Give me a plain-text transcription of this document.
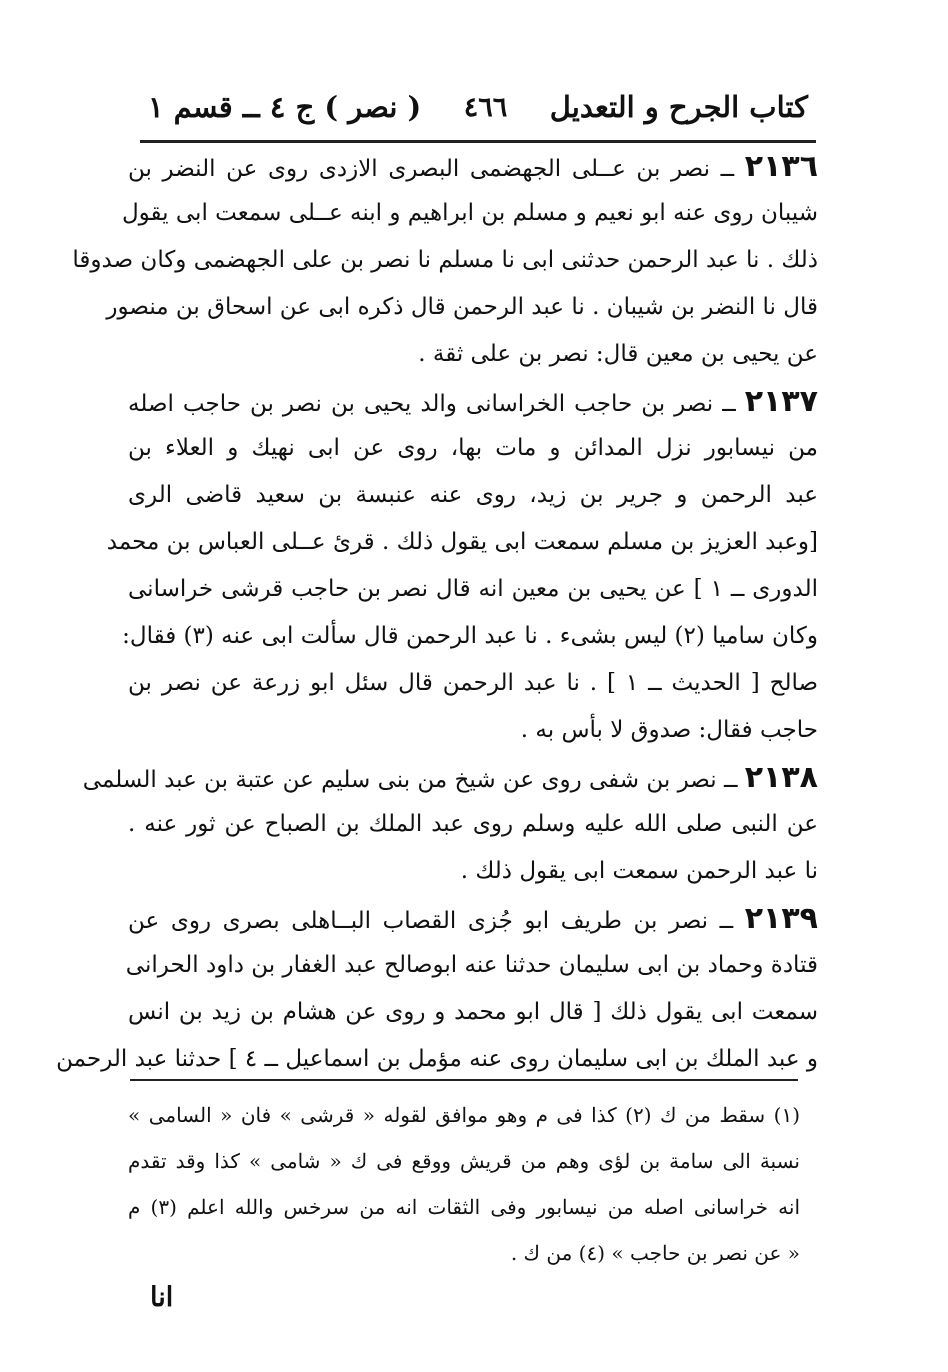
كتاب الجرح و التعديل
٤٦٦
( نصر ) ج ٤ ــ قسم ١
٢١٣٦ ــ نصر بن عــلى الجهضمى البصرى الازدى روى عن النضر بن
شيبان روى عنه ابو نعيم و مسلم بن ابراهيم و ابنه عــلى سمعت ابى يقول
ذلك . نا عبد الرحمن حدثنى ابى نا مسلم نا نصر بن على الجهضمى وكان صدوقا
قال نا النضر بن شيبان . نا عبد الرحمن قال ذكره ابى عن اسحاق بن منصور
عن يحيى بن معين قال: نصر بن على ثقة .
٢١٣٧ ــ نصر بن حاجب الخراسانى والد يحيى بن نصر بن حاجب اصله
من نيسابور نزل المدائن و مات بها، روى عن ابى نهيك و العلاء بن
عبد الرحمن و جرير بن زيد، روى عنه عنبسة بن سعيد قاضى الرى
[وعبد العزيز بن مسلم سمعت ابى يقول ذلك . قرئ عــلى العباس بن محمد
الدورى ــ ١ ] عن يحيى بن معين انه قال نصر بن حاجب قرشى خراسانى
وكان ساميا (٢) ليس بشىء . نا عبد الرحمن قال سألت ابى عنه (٣) فقال:
صالح [ الحديث ــ ١ ] . نا عبد الرحمن قال سئل ابو زرعة عن نصر بن
حاجب فقال: صدوق لا بأس به .
٢١٣٨ ــ نصر بن شفى روى عن شيخ من بنى سليم عن عتبة بن عبد السلمى
عن النبى صلى الله عليه وسلم روى عبد الملك بن الصباح عن ثور عنه .
نا عبد الرحمن سمعت ابى يقول ذلك .
٢١٣٩ ــ نصر بن طريف ابو جُزى القصاب البــاهلى بصرى روى عن
قتادة وحماد بن ابى سليمان حدثنا عنه ابوصالح عبد الغفار بن داود الحرانى
سمعت ابى يقول ذلك [ قال ابو محمد و روى عن هشام بن زيد بن انس
و عبد الملك بن ابى سليمان روى عنه مؤمل بن اسماعيل ــ ٤ ] حدثنا عبد الرحمن
(١) سقط من ك (٢) كذا فى م وهو موافق لقوله « قرشى » فان « السامى »
نسبة الى سامة بن لؤى وهم من قريش ووقع فى ك « شامى » كذا وقد تقدم
انه خراسانى اصله من نيسابور وفى الثقات انه من سرخس والله اعلم (٣) م
« عن نصر بن حاجب » (٤) من ك .
انا
